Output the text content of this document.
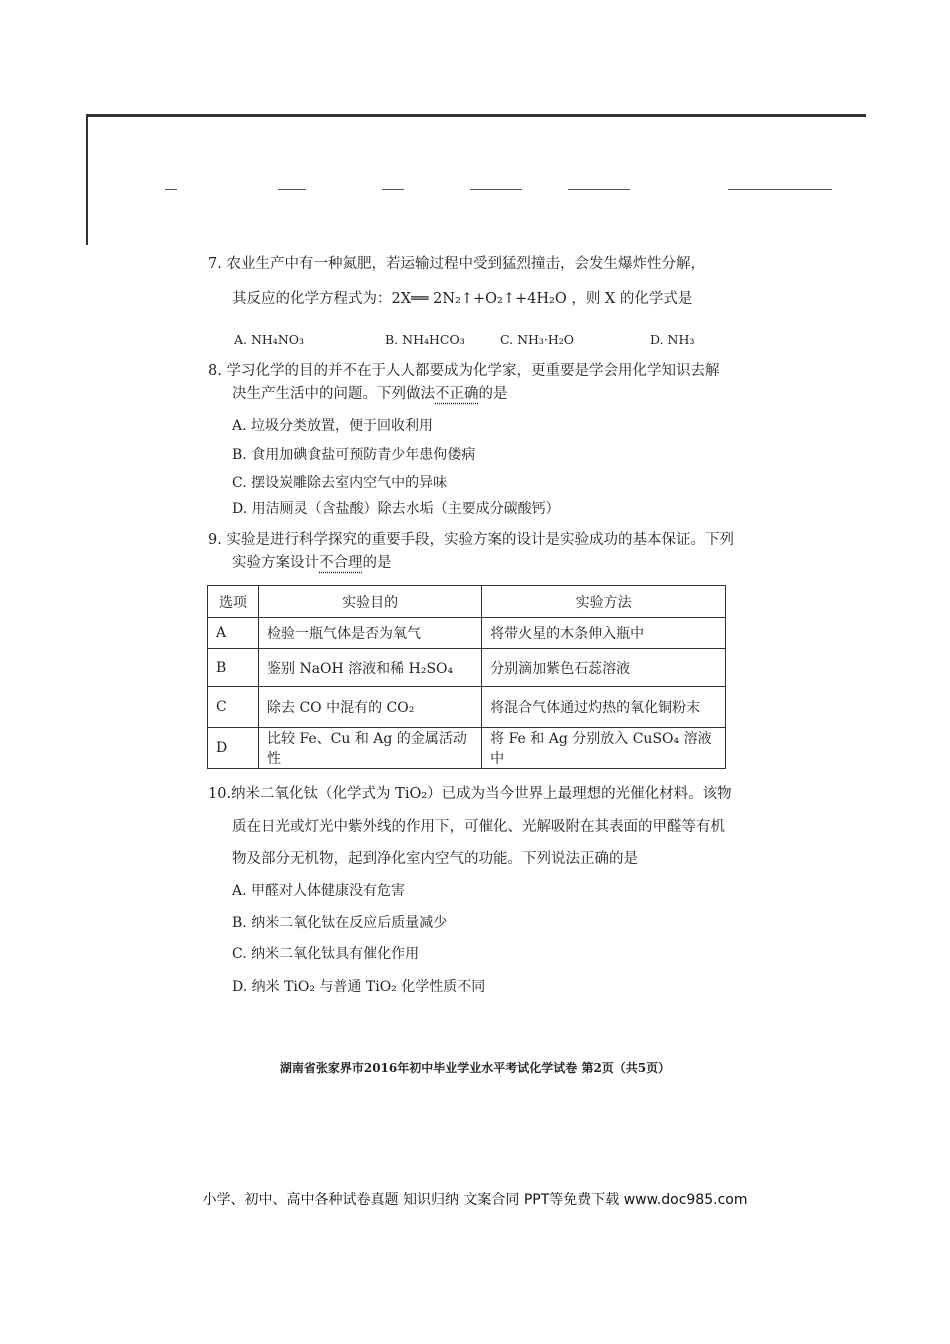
7. 农业生产中有一种氮肥，若运输过程中受到猛烈撞击，会发生爆炸性分解，
其反应的化学方程式为：2X══ 2N₂↑+O₂↑+4H₂O ，则 X 的化学式是
A. NH₄NO₃	B. NH₄HCO₃	C. NH₃·H₂O	D. NH₃
8. 学习化学的目的并不在于人人都要成为化学家，更重要是学会用化学知识去解
决生产生活中的问题。下列做法不正确的是
A. 垃圾分类放置，便于回收利用
B. 食用加碘食盐可预防青少年患佝偻病
C. 摆设炭雕除去室内空气中的异味
D. 用洁厕灵（含盐酸）除去水垢（主要成分碳酸钙）
9. 实验是进行科学探究的重要手段，实验方案的设计是实验成功的基本保证。下列
实验方案设计不合理的是
选项	实验目的	实验方法
A	检验一瓶气体是否为氧气	将带火星的木条伸入瓶中
B	鉴别 NaOH 溶液和稀 H₂SO₄	分别滴加紫色石蕊溶液
C	除去 CO 中混有的 CO₂	将混合气体通过灼热的氧化铜粉末
D	比较 Fe、Cu 和 Ag 的金属活动性	将 Fe 和 Ag 分别放入 CuSO₄ 溶液中
10.纳米二氧化钛（化学式为 TiO₂）已成为当今世界上最理想的光催化材料。该物
质在日光或灯光中紫外线的作用下，可催化、光解吸附在其表面的甲醛等有机
物及部分无机物，起到净化室内空气的功能。下列说法正确的是
A. 甲醛对人体健康没有危害
B. 纳米二氧化钛在反应后质量减少
C. 纳米二氧化钛具有催化作用
D. 纳米 TiO₂ 与普通 TiO₂ 化学性质不同
湖南省张家界市2016年初中毕业学业水平考试化学试卷 第2页（共5页）
小学、初中、高中各种试卷真题 知识归纳 文案合同 PPT等免费下载 www.doc985.com
